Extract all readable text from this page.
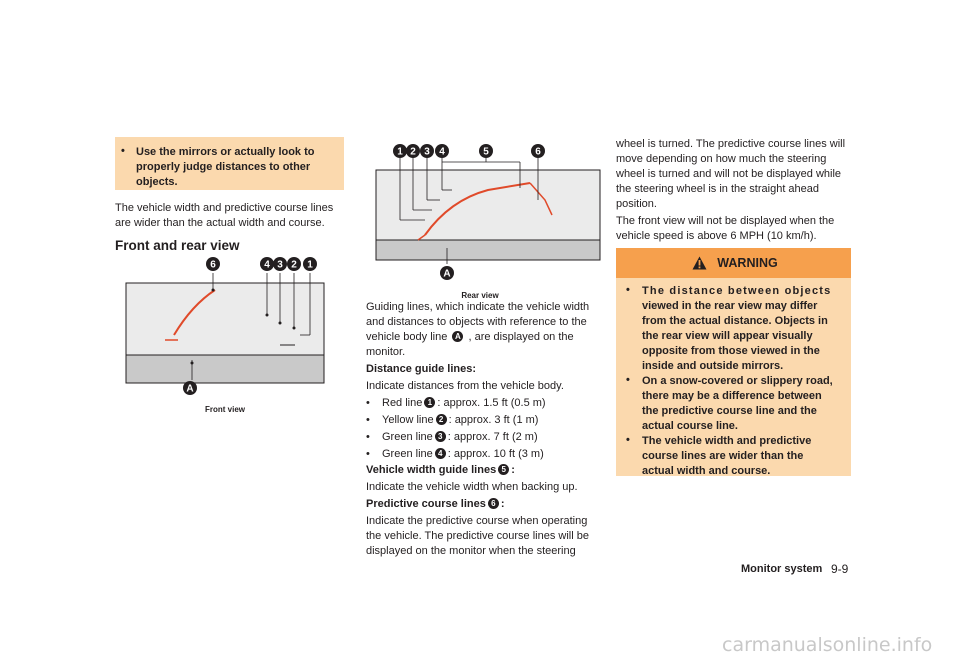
• Use the mirrors or actually look to properly judge distances to other objects.
The vehicle width and predictive course lines are wider than the actual width and course.
Front and rear view
6	4 3 2 1
A
Front view
1 2 3 4	5	6
A
Rear view
Guiding lines, which indicate the vehicle width
and distances to objects with reference to the
vehicle body line A , are displayed on the
monitor.
Distance guide lines:
Indicate distances from the vehicle body.
• Red line 1 : approx. 1.5 ft (0.5 m)
• Yellow line 2 : approx. 3 ft (1 m)
• Green line 3 : approx. 7 ft (2 m)
• Green line 4 : approx. 10 ft (3 m)
Vehicle width guide lines 5 :
Indicate the vehicle width when backing up.
Predictive course lines 6 :
Indicate the predictive course when operating
the vehicle. The predictive course lines will be
displayed on the monitor when the steering
wheel is turned. The predictive course lines will
move depending on how much the steering
wheel is turned and will not be displayed while
the steering wheel is in the straight ahead
position.
The front view will not be displayed when the
vehicle speed is above 6 MPH (10 km/h).
WARNING
• The distance between objects
viewed in the rear view may differ
from the actual distance. Objects in
the rear view will appear visually
opposite from those viewed in the
inside and outside mirrors.
• On a snow-covered or slippery road,
there may be a difference between
the predictive course line and the
actual course line.
• The vehicle width and predictive
course lines are wider than the
actual width and course.
Monitor system 9-9
carmanualsonline.info
